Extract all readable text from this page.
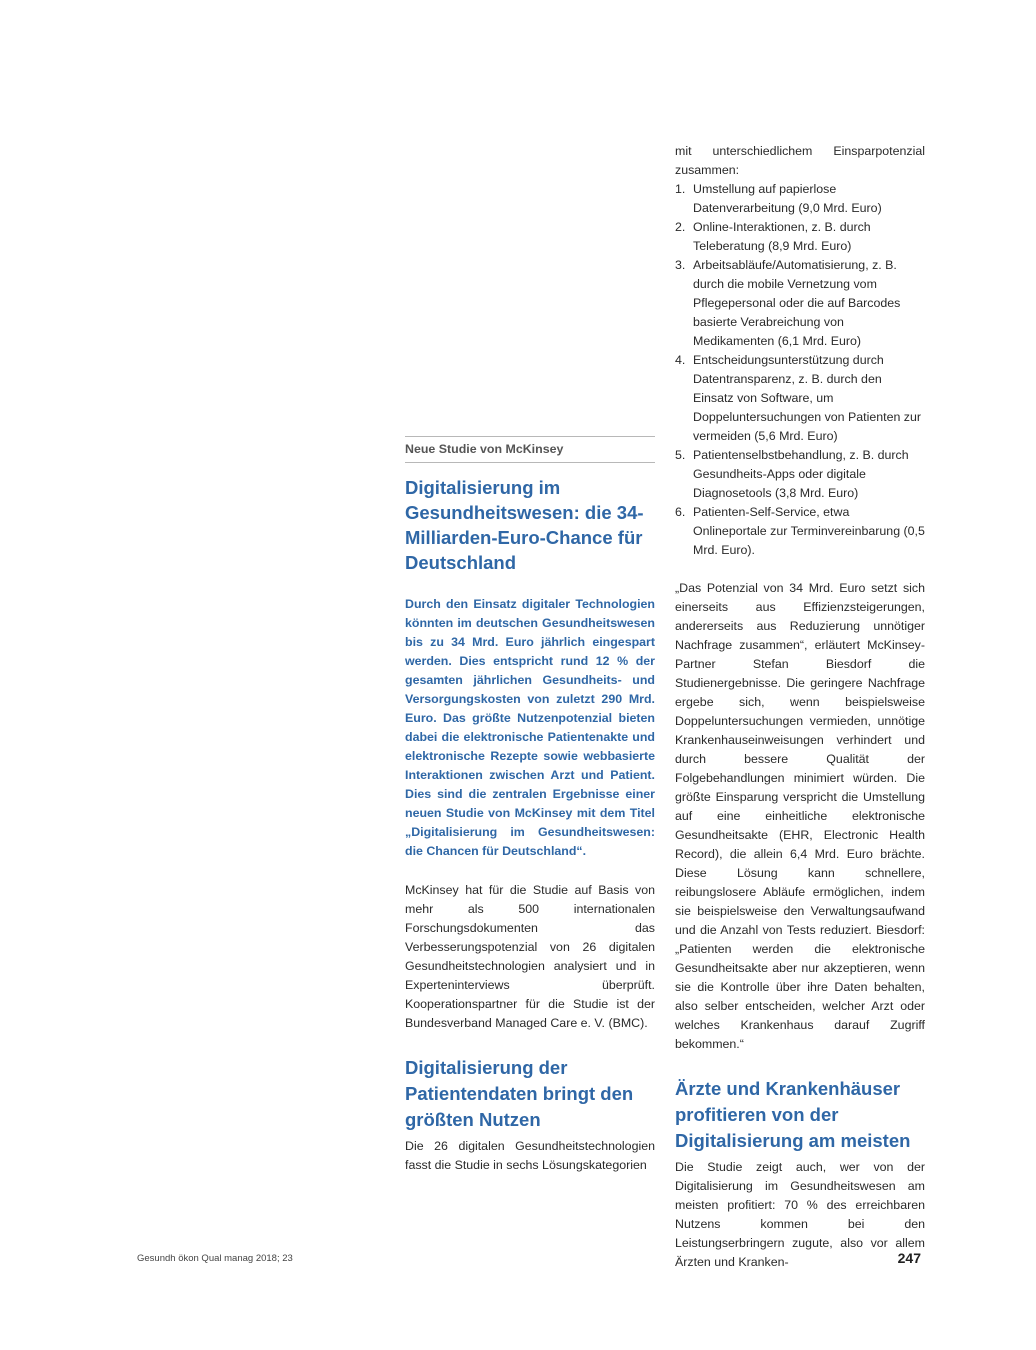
Neue Studie von McKinsey
Digitalisierung im Gesundheitswesen: die 34-Milliarden-Euro-Chance für Deutschland

Durch den Einsatz digitaler Technologien könnten im deutschen Gesundheitswesen bis zu 34 Mrd. Euro jährlich eingespart werden. Dies entspricht rund 12 % der gesamten jährlichen Gesundheits- und Versorgungskosten von zuletzt 290 Mrd. Euro. Das größte Nutzenpotenzial bieten dabei die elektronische Patientenakte und elektronische Rezepte sowie webbasierte Interaktionen zwischen Arzt und Patient. Dies sind die zentralen Ergebnisse einer neuen Studie von McKinsey mit dem Titel „Digitalisierung im Gesundheitswesen: die Chancen für Deutschland“.

McKinsey hat für die Studie auf Basis von mehr als 500 internationalen Forschungsdokumenten das Verbesserungspotenzial von 26 digitalen Gesundheitstechnologien analysiert und in Experteninterviews überprüft. Kooperationspartner für die Studie ist der Bundesverband Managed Care e. V. (BMC).

Digitalisierung der Patientendaten bringt den größten Nutzen

Die 26 digitalen Gesundheitstechnologien fasst die Studie in sechs Lösungskategorien

mit unterschiedlichem Einsparpotenzial zusammen:

1. Umstellung auf papierlose Datenverarbeitung (9,0 Mrd. Euro)
2. Online-Interaktionen, z. B. durch Teleberatung (8,9 Mrd. Euro)
3. Arbeitsabläufe/Automatisierung, z. B. durch die mobile Vernetzung vom Pflegepersonal oder die auf Barcodes basierte Verabreichung von Medikamenten (6,1 Mrd. Euro)
4. Entscheidungsunterstützung durch Datentransparenz, z. B. durch den Einsatz von Software, um Doppeluntersuchungen von Patienten zur vermeiden (5,6 Mrd. Euro)
5. Patientenselbstbehandlung, z. B. durch Gesundheits-Apps oder digitale Diagnosetools (3,8 Mrd. Euro)
6. Patienten-Self-Service, etwa Onlineportale zur Terminvereinbarung (0,5 Mrd. Euro).

„Das Potenzial von 34 Mrd. Euro setzt sich einerseits aus Effizienzsteigerungen, andererseits aus Reduzierung unnötiger Nachfrage zusammen“, erläutert McKinsey-Partner Stefan Biesdorf die Studienergebnisse. Die geringere Nachfrage ergebe sich, wenn beispielsweise Doppeluntersuchungen vermieden, unnötige Krankenhauseinweisungen verhindert und durch bessere Qualität der Folgebehandlungen minimiert würden. Die größte Einsparung verspricht die Umstellung auf eine einheitliche elektronische Gesundheitsakte (EHR, Electronic Health Record), die allein 6,4 Mrd. Euro brächte. Diese Lösung kann schnellere, reibungslosere Abläufe ermöglichen, indem sie beispielsweise den Verwaltungsaufwand und die Anzahl von Tests reduziert. Biesdorf: „Patienten werden die elektronische Gesundheitsakte aber nur akzeptieren, wenn sie die Kontrolle über ihre Daten behalten, also selber entscheiden, welcher Arzt oder welches Krankenhaus darauf Zugriff bekommen.“

Ärzte und Krankenhäuser profitieren von der Digitalisierung am meisten

Die Studie zeigt auch, wer von der Digitalisierung im Gesundheitswesen am meisten profitiert: 70 % des erreichbaren Nutzens kommen bei den Leistungserbringern zugute, also vor allem Ärzten und Kranken-

Gesundh ökon Qual manag 2018; 23	247
